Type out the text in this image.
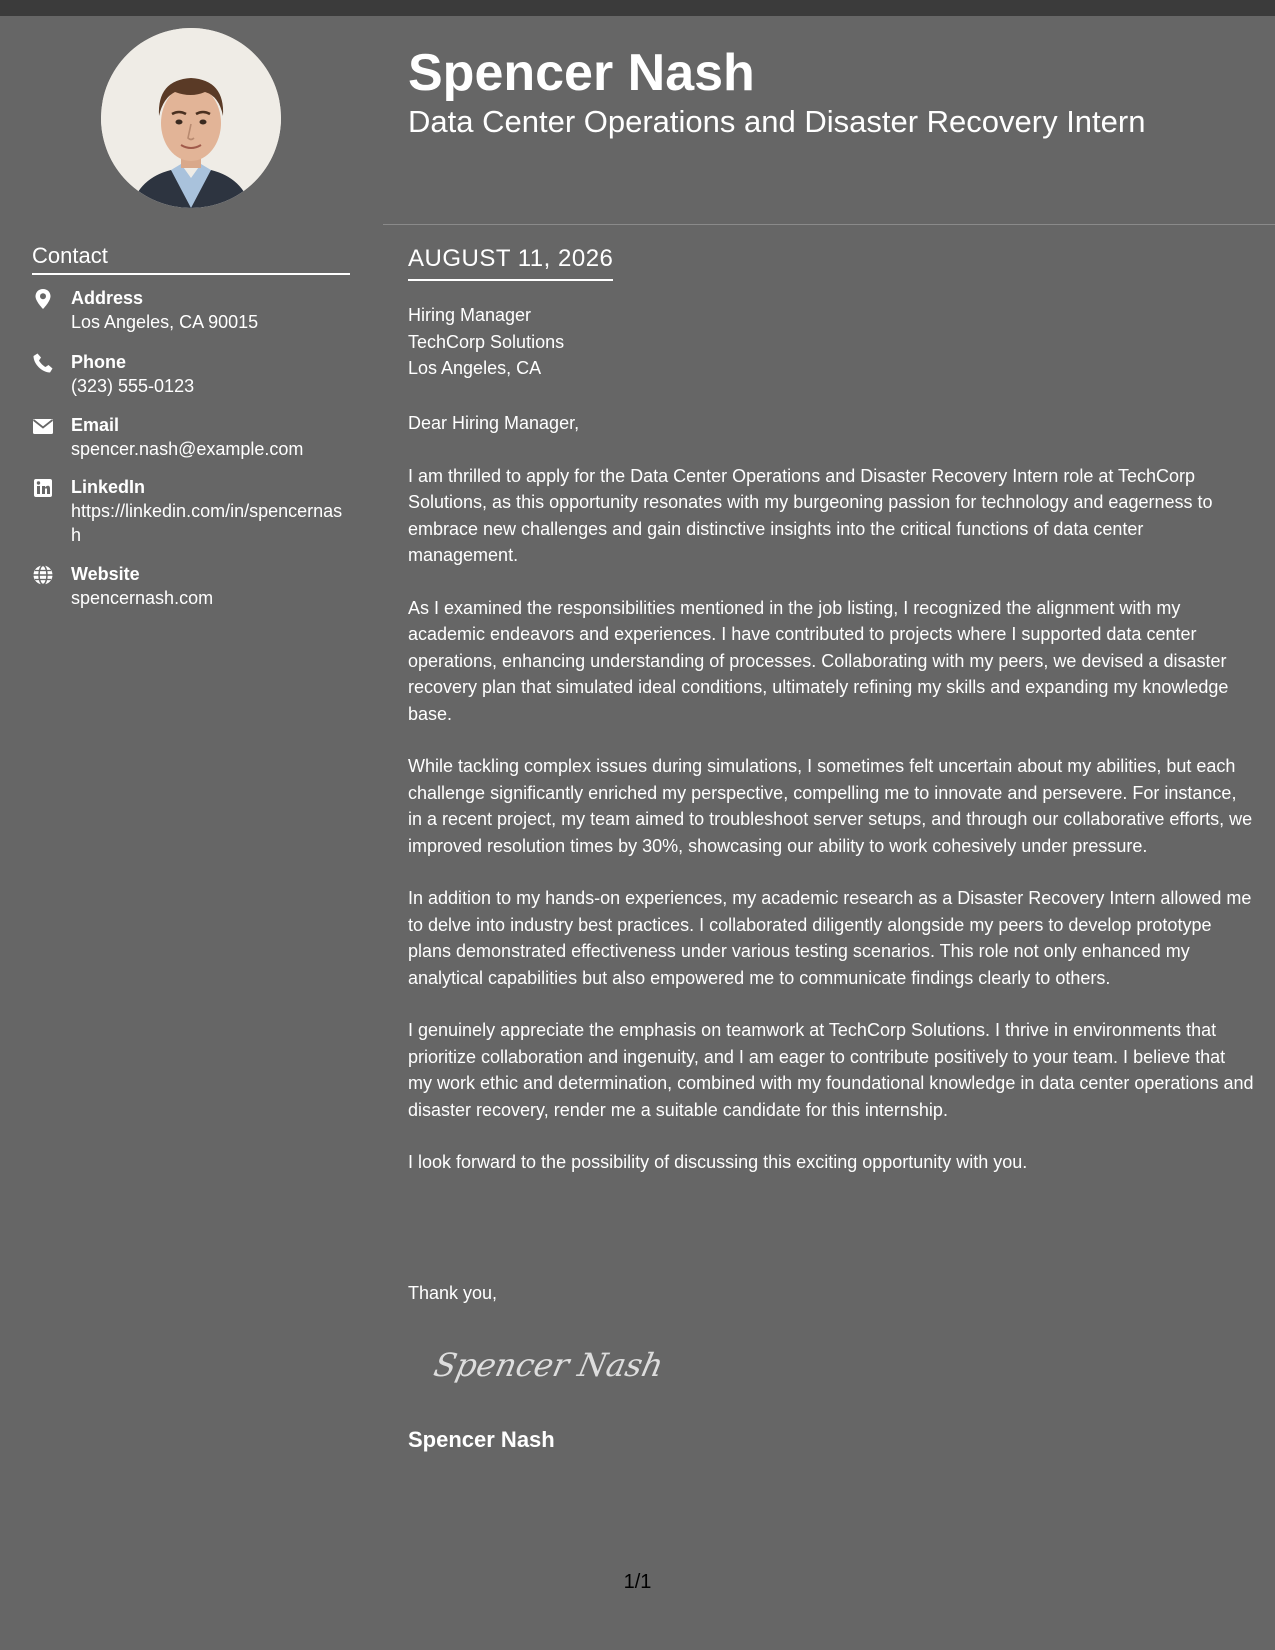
Contact
Address
Los Angeles, CA 90015
Phone
(323) 555-0123
Email
spencer.nash@example.com
LinkedIn
https://linkedin.com/in/spencernash
Website
spencernash.com
Spencer Nash
Data Center Operations and Disaster Recovery Intern
AUGUST 11, 2026
Hiring Manager
TechCorp Solutions
Los Angeles, CA

Dear Hiring Manager,

I am thrilled to apply for the Data Center Operations and Disaster Recovery Intern role at TechCorp Solutions, as this opportunity resonates with my burgeoning passion for technology and eagerness to embrace new challenges and gain distinctive insights into the critical functions of data center management.

As I examined the responsibilities mentioned in the job listing, I recognized the alignment with my academic endeavors and experiences. I have contributed to projects where I supported data center operations, enhancing understanding of processes. Collaborating with my peers, we devised a disaster recovery plan that simulated ideal conditions, ultimately refining my skills and expanding my knowledge base.

While tackling complex issues during simulations, I sometimes felt uncertain about my abilities, but each challenge significantly enriched my perspective, compelling me to innovate and persevere. For instance, in a recent project, my team aimed to troubleshoot server setups, and through our collaborative efforts, we improved resolution times by 30%, showcasing our ability to work cohesively under pressure.

In addition to my hands-on experiences, my academic research as a Disaster Recovery Intern allowed me to delve into industry best practices. I collaborated diligently alongside my peers to develop prototype plans demonstrated effectiveness under various testing scenarios. This role not only enhanced my analytical capabilities but also empowered me to communicate findings clearly to others.

I genuinely appreciate the emphasis on teamwork at TechCorp Solutions. I thrive in environments that prioritize collaboration and ingenuity, and I am eager to contribute positively to your team. I believe that my work ethic and determination, combined with my foundational knowledge in data center operations and disaster recovery, render me a suitable candidate for this internship.

I look forward to the possibility of discussing this exciting opportunity with you.

Thank you,
Spencer Nash
Spencer Nash
1/1
